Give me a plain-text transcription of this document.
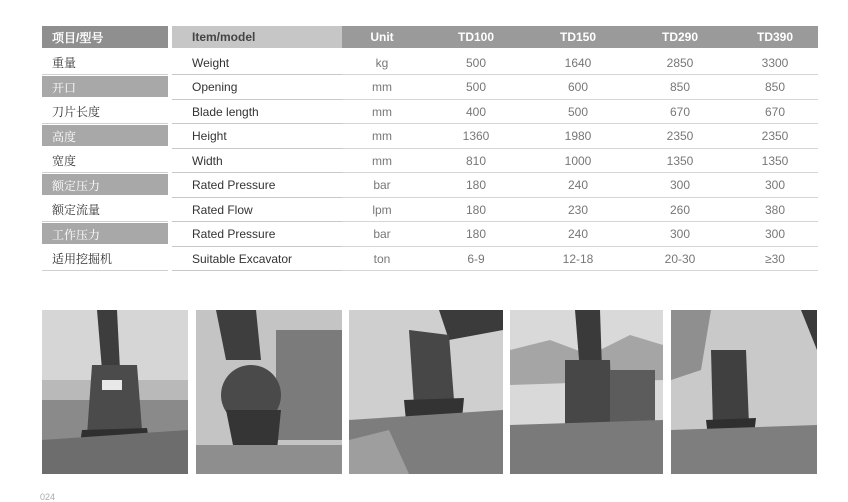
项目/型号	Item/model	Unit	TD100	TD150	TD290	TD390
重量	Weight	kg	500	1640	2850	3300
开口	Opening	mm	500	600	850	850
刀片长度	Blade length	mm	400	500	670	670
高度	Height	mm	1360	1980	2350	2350
宽度	Width	mm	810	1000	1350	1350
额定压力	Rated Pressure	bar	180	240	300	300
额定流量	Rated Flow	lpm	180	230	260	380
工作压力	Rated Pressure	bar	180	240	300	300
适用挖掘机	Suitable Excavator	ton	6-9	12-18	20-30	≥30
024
